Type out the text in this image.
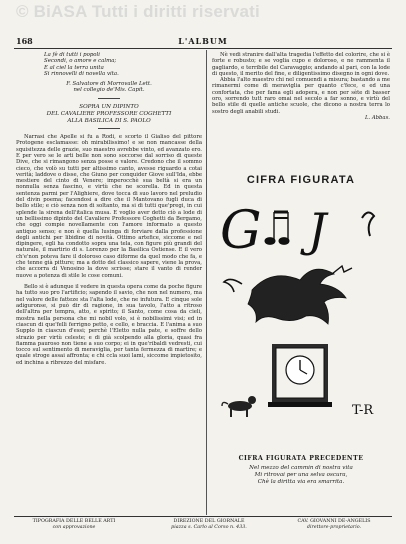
© BiASA Tutti i diritti riservati
168	L'ALBUM
La fè di tutti i popoli
Secondi, o amore e calma;
E al ciel la terra unita
Si rinnovelli di novella vita.
F. Salvatore di Morrovalle Lett.
nel collegio de'Mis. Capit.
SOPRA UN DIPINTO
DEL CAVALIERE PROFESSORE COGHETTI
ALLA BASILICA DI S. PAOLO

Narrasi che Apelle si fu a Rodi, e scorto il Gialiso del pittore Protogene esclamasse: oh mirabilissimo! e se non mancasse della squisitezza delle grazie, suo maestro avrebbe vinto, ed avanzato ero. E per vero se le arti belle non sono soccorse dal sorriso di queste Dive, che si rimangono senza posse e valore. Credono che il sommo cieco, che volò su tutti per altissimo canto, avesse riguardo a cotai verità; laddove o disse, che Giuno per conquider Giove sull'Ida, ebbe mestiere del cinto di Venere; imperocchè sua beltà si era un nonnulla senza fascino, e virtù che ne scorella. Ed in questa sentenza parmi per l'Alighiere, dove tocca di suo lavoro nel preludio del divin poema; facendosi a dire che il Mantovano fugli duca di bello stile; e ciò senza non di soltanto, ma si di tutti que'pregi, in cui splende la sirena dell'italica musa. E voglio aver detto ciò a lode di un bellissimo dipinto del Cavaliere Professore Coghetti da Bergamo, che oggi compie novellamente con l'amore informato a questo antiquo senso; e non è quella lusinga di forviare dalla professione degli antichi per libidine di novità. Ottimo artefice, siccome e nel dipingere, egli ha condotto sopra una tela, con figure più grandi del naturale, il martirio di s. Lorenzo per la Basilica Ostiense. E il vero ch'e'non poteva fare il doloroso caso diforme da quel modo che fa, e che tenne già pitture; ma a dotto del classico sapere, viene la prova, che accorra di Venosino la dove scrisse; stare il vanto di render nuove a potenza di stile le cose comuni.

Bello si è adunque il vedere in questa opera come da poche figure ha tutto suo pro l'artificio; sapendo il savio, che non nel numero, ma nel valore delle fatteze sta l'alta lode, che ne infutura. E cinque sole adiguronse, si può dir di ragione, in sua tavolo, l'atto a ritroso dell'altra per tempra, atto, e spirito; il Santo, come cosa da cieli, mostra nella persona che mi nobil volo, si è nobilissimi visi; ed in ciascun di que'felli ferrigno petto, e cello, e braccia. E l'anima a suo Supplo in ciascun d'essi; perchè l'Eletto nulla pate, e soffre dello strazio per virtù celeste; e di già scolpendo alla gloria, quasi fra fiamma pauroso non tiene a suo corpo; ei in que'ribaldi vedresti, cui tocco sul sentimento di meraviglia, per tanta fermezza di martire; e quale stroge assai affronta; e chi ccla suoi lami, siccome impietosito, ed inchina a ribrezzo del misfare.

Nè vedi stranire dall'alta tragedia l'effetto del colorire, che si è forte e robusto; e se voglia cupo e doloroso, e ne rammenta il gagliardo, e terribile del Caravaggio; andando al pari, con la lode di questo, il merito del fine, e diligentissimo disegno in ogni dove.

Abbia l'alto maestro chi nel comuendi a misura; bastando a me rimanermi come di meraviglia per quanto c'fece, e ed una confortata, che per fama egli adopera, e non per sète di basser oro, sorrendo tutt raro omai nel secolo a far sonno, e virtù del bello stile di quelle antiche scuole, che dicono a nostra terra lo sostro degli anabili studi.

L. Abbas.
CIFRA FIGURATA
G J
T-R
CIFRA FIGURATA PRECEDENTE
Nel mezzo del cammin di nostra vita
Mi ritrovai per una selva oscura,
Chè la diritta via era smarrita.
TIPOGRAFIA DELLE BELLE ARTI
con approvazione
DIREZIONE DEL GIORNALE
piazza s. Carlo al Corso n. 433.
CAV. GIOVANNI DE-ANGELIS
direttore-proprietario.
